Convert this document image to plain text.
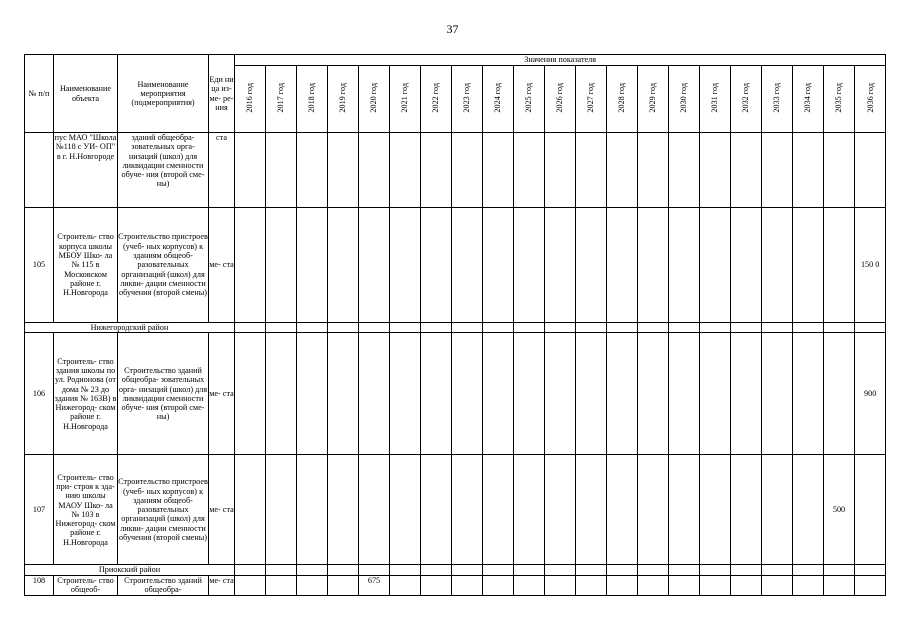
37
№ п/п	Наименование объекта	Наименование мероприятия (подмероприятия)	Еди ни ца из- ме- ре- ния	Значения показателя																				
				2016 год	2017 год	2018 год	2019 год	2020 год	2021 год	2022 год	2023 год	2024 год	2025 год	2026 год	2027 год	2028 год	2029 год	2030 год	2031 год	2032 год	2033 год	2034 год	2035 год	2036 год
	пус МАО "Школа №118 с УИ- ОП" в г. Н.Новгороде	зданий общеобра- зовательных орга- низаций (школ) для ликвидации сменности обуче- ния (второй сме- ны)	ста																					
105	Строитель- ство корпуса школы МБОУ Шко- ла № 115 в Московском районе г. Н.Новгорода	Строительство пристроев (учеб- ных корпусов) к зданиям общеоб- разовательных организаций (школ) для ликви- дации сменности обучения (второй смены)	ме- ста																					150 0
Нижегородский район																								
106	Строитель- ство здания школы по ул. Родионова (от дома № 23 до здания № 163В) в Нижегород- ском районе г. Н.Новгорода	Строительство зданий общеобра- зовательных орга- низаций (школ) для ликвидации сменности обуче- ния (второй сме- ны)	ме- ста																					900
107	Строитель- ство при- строя к зда- нию школы МАОУ Шко- ла № 103 в Нижегород- ском районе г. Н.Новгорода	Строительство пристроев (учеб- ных корпусов) к зданиям общеоб- разовательных организаций (школ) для ликви- дации сменности обучения (второй смены)	ме- ста																				500	
Приокский район																								
108	Строитель- ство общеоб-	Строительство зданий общеобра-	ме- ста					675																
